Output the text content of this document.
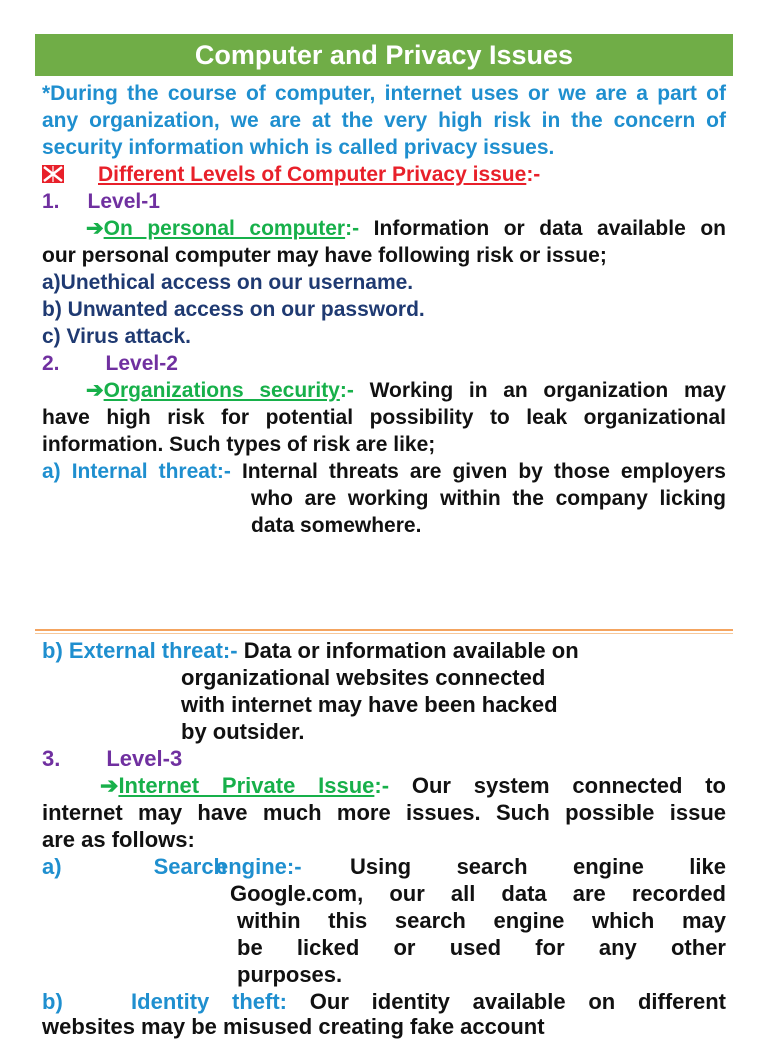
Computer and Privacy Issues
*During the course of computer, internet uses or we are a part of
any organization, we are at the very high risk in the concern of
security information which is called privacy issues.
Different Levels of Computer Privacy issue:-
1. Level-1
➔On personal computer:- Information or data available on
our personal computer may have following risk or issue;
a)Unethical access on our username.
b) Unwanted access on our password.
c) Virus attack.
2. Level-2
➔Organizations security:- Working in an organization may
have high risk for potential possibility to leak organizational
information. Such types of risk are like;
a) Internal threat:- Internal threats are given by those employers
who are working within the company licking
data somewhere.
b) External threat:- Data or information available on
organizational websites connected
with internet may have been hacked
by outsider.
3. Level-3
➔Internet Private Issue:- Our system connected to
internet may have much more issues. Such possible issue
are as follows:
a)	Search
engine:-	Using search engine like
Google.com, our all data are recorded
within this search engine which may
be licked or used for any other
purposes.
b)	Identity theft: Our identity available on different
websites may be misused creating fake account
